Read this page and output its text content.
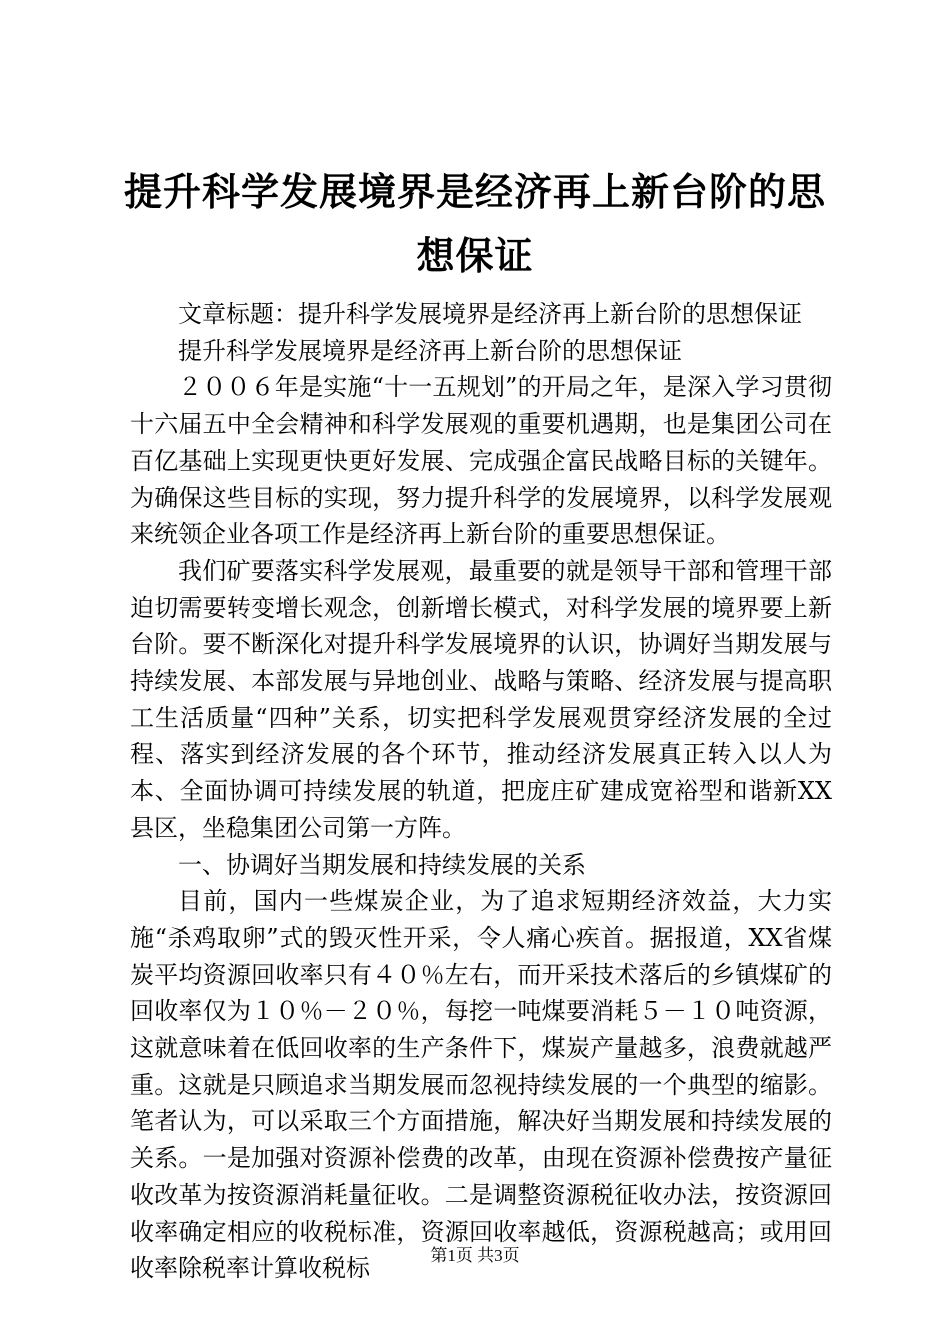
提升科学发展境界是经济再上新台阶的思想保证

文章标题：提升科学发展境界是经济再上新台阶的思想保证

提升科学发展境界是经济再上新台阶的思想保证

２００６年是实施“十一五规划”的开局之年，是深入学习贯彻十六届五中全会精神和科学发展观的重要机遇期，也是集团公司在百亿基础上实现更快更好发展、完成强企富民战略目标的关键年。为确保这些目标的实现，努力提升科学的发展境界，以科学发展观来统领企业各项工作是经济再上新台阶的重要思想保证。

我们矿要落实科学发展观，最重要的就是领导干部和管理干部迫切需要转变增长观念，创新增长模式，对科学发展的境界要上新台阶。要不断深化对提升科学发展境界的认识，协调好当期发展与持续发展、本部发展与异地创业、战略与策略、经济发展与提高职工生活质量“四种”关系，切实把科学发展观贯穿经济发展的全过程、落实到经济发展的各个环节，推动经济发展真正转入以人为本、全面协调可持续发展的轨道，把庞庄矿建成宽裕型和谐新XX县区，坐稳集团公司第一方阵。

一、协调好当期发展和持续发展的关系

目前，国内一些煤炭企业，为了追求短期经济效益，大力实施“杀鸡取卵”式的毁灭性开采，令人痛心疾首。据报道，XX省煤炭平均资源回收率只有４０％左右，而开采技术落后的乡镇煤矿的回收率仅为１０％－２０％，每挖一吨煤要消耗５－１０吨资源，这就意味着在低回收率的生产条件下，煤炭产量越多，浪费就越严重。这就是只顾追求当期发展而忽视持续发展的一个典型的缩影。笔者认为，可以采取三个方面措施，解决好当期发展和持续发展的关系。一是加强对资源补偿费的改革，由现在资源补偿费按产量征收改革为按资源消耗量征收。二是调整资源税征收办法，按资源回收率确定相应的收税标准，资源回收率越低，资源税越高；或用回收率除税率计算收税标	第1页 共3页
